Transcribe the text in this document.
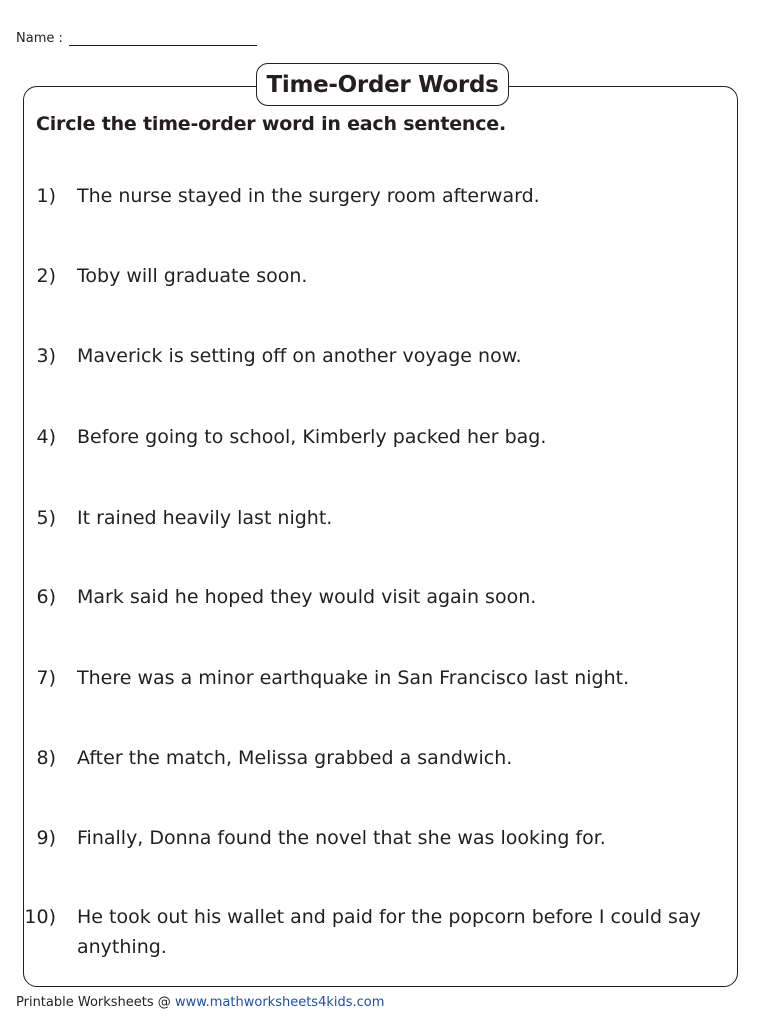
Name :
Time-Order Words
Circle the time-order word in each sentence.
1) The nurse stayed in the surgery room afterward.
2) Toby will graduate soon.
3) Maverick is setting off on another voyage now.
4) Before going to school, Kimberly packed her bag.
5) It rained heavily last night.
6) Mark said he hoped they would visit again soon.
7) There was a minor earthquake in San Francisco last night.
8) After the match, Melissa grabbed a sandwich.
9) Finally, Donna found the novel that she was looking for.
10) He took out his wallet and paid for the popcorn before I could say anything.
Printable Worksheets @ www.mathworksheets4kids.com
